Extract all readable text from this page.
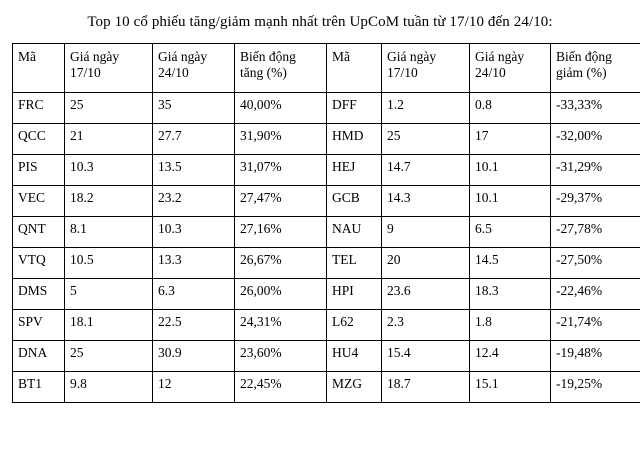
Top 10 cổ phiếu tăng/giảm mạnh nhất trên UpCoM tuần từ 17/10 đến 24/10:
Mã	Giá ngày 17/10	Giá ngày 24/10	Biến động tăng (%)	Mã	Giá ngày 17/10	Giá ngày 24/10	Biến động giảm (%)
FRC	25	35	40,00%	DFF	1.2	0.8	-33,33%
QCC	21	27.7	31,90%	HMD	25	17	-32,00%
PIS	10.3	13.5	31,07%	HEJ	14.7	10.1	-31,29%
VEC	18.2	23.2	27,47%	GCB	14.3	10.1	-29,37%
QNT	8.1	10.3	27,16%	NAU	9	6.5	-27,78%
VTQ	10.5	13.3	26,67%	TEL	20	14.5	-27,50%
DMS	5	6.3	26,00%	HPI	23.6	18.3	-22,46%
SPV	18.1	22.5	24,31%	L62	2.3	1.8	-21,74%
DNA	25	30.9	23,60%	HU4	15.4	12.4	-19,48%
BT1	9.8	12	22,45%	MZG	18.7	15.1	-19,25%
